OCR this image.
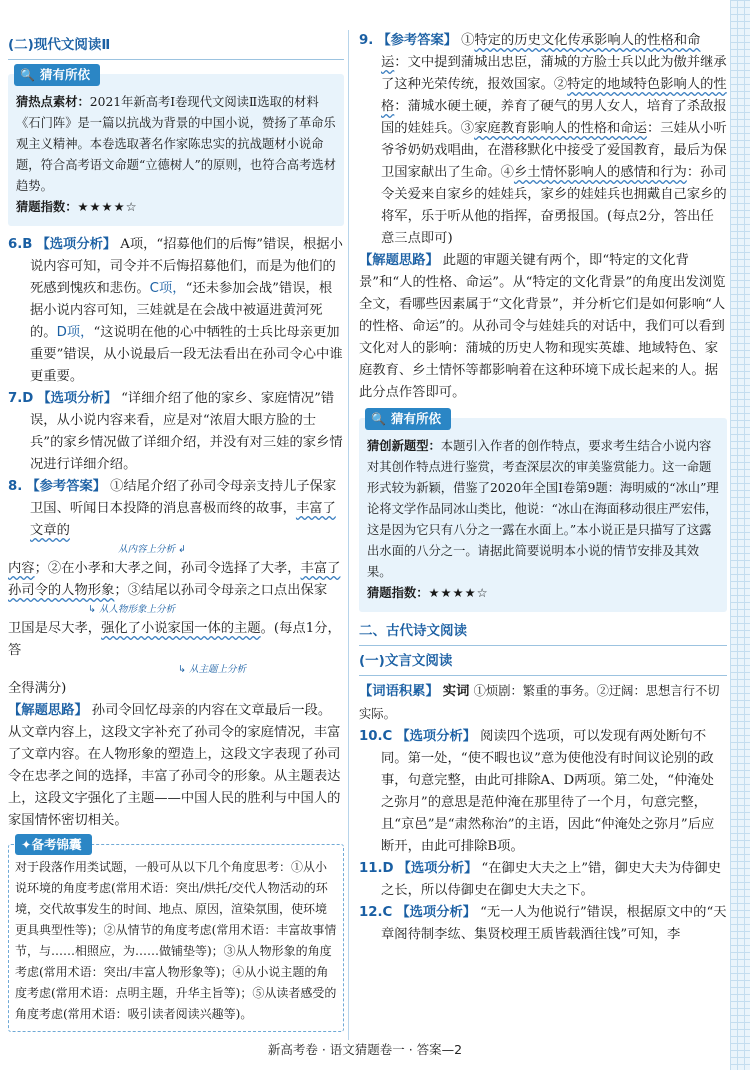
(二)现代文阅读Ⅱ
🔍 猜有所依
猜热点素材：2021年新高考Ⅰ卷现代文阅读Ⅱ选取的材料《石门阵》是一篇以抗战为背景的中国小说，赞扬了革命乐观主义精神。本卷选取著名作家陈忠实的抗战题材小说命题，符合高考语文命题“立德树人”的原则，也符合高考选材趋势。
猜题指数：★★★★☆

6.B 【选项分析】 A项，“招募他们的后悔”错误，根据小说内容可知，司令并不后悔招募他们，而是为他们的死感到愧疚和悲伤。C项，“还未参加会战”错误，根据小说内容可知，三娃就是在会战中被逼进黄河死的。D项，“这说明在他的心中牺牲的士兵比母亲更加重要”错误，从小说最后一段无法看出在孙司令心中谁更重要。

7.D 【选项分析】 “详细介绍了他的家乡、家庭情况”错误，从小说内容来看，应是对“浓眉大眼方脸的士兵”的家乡情况做了详细介绍，并没有对三娃的家乡情况进行详细介绍。

8. 【参考答案】 ①结尾介绍了孙司令母亲支持儿子保家卫国、听闻日本投降的消息喜极而终的故事，丰富了文章的

从内容上分析 ↲

内容；②在小孝和大孝之间，孙司令选择了大孝，丰富了
孙司令的人物形象；③结尾以孙司令母亲之口点出保家

↳ 从人物形象上分析

卫国是尽大孝，强化了小说家国一体的主题。(每点1分，答

↳ 从主题上分析

全得满分)

【解题思路】 孙司令回忆母亲的内容在文章最后一段。从文章内容上，这段文字补充了孙司令的家庭情况，丰富了文章内容。在人物形象的塑造上，这段文字表现了孙司令在忠孝之间的选择，丰富了孙司令的形象。从主题表达上，这段文字强化了主题——中国人民的胜利与中国人的家国情怀密切相关。

✦备考锦囊
对于段落作用类试题，一般可从以下几个角度思考：①从小说环境的角度考虑(常用术语：突出/烘托/交代人物活动的环境，交代故事发生的时间、地点、原因，渲染氛围，使环境更具典型性等)；②从情节的角度考虑(常用术语：丰富故事情节，与……相照应，为……做铺垫等)；③从人物形象的角度考虑(常用术语：突出/丰富人物形象等)；④从小说主题的角度考虑(常用术语：点明主题，升华主旨等)；⑤从读者感受的角度考虑(常用术语：吸引读者阅读兴趣等)。

9. 【参考答案】 ①特定的历史文化传承影响人的性格和命运：文中提到蒲城出忠臣，蒲城的方脸士兵以此为傲并继承了这种光荣传统，报效国家。②特定的地域特色影响人的性格：蒲城水硬土硬，养育了硬气的男人女人，培育了杀敌报国的娃娃兵。③家庭教育影响人的性格和命运：三娃从小听爷爷奶奶戏唱曲，在潜移默化中接受了爱国教育，最后为保卫国家献出了生命。④乡土情怀影响人的感情和行为：孙司令关爱来自家乡的娃娃兵，家乡的娃娃兵也拥戴自己家乡的将军，乐于听从他的指挥，奋勇报国。(每点2分，答出任意三点即可)

【解题思路】 此题的审题关键有两个，即“特定的文化背景”和“人的性格、命运”。从“特定的文化背景”的角度出发浏览全文，看哪些因素属于“文化背景”，并分析它们是如何影响“人的性格、命运”的。从孙司令与娃娃兵的对话中，我们可以看到文化对人的影响：蒲城的历史人物和现实英雄、地域特色、家庭教育、乡土情怀等都影响着在这种环境下成长起来的人。据此分点作答即可。

🔍 猜有所依
猜创新题型：本题引入作者的创作特点，要求考生结合小说内容对其创作特点进行鉴赏，考查深层次的审美鉴赏能力。这一命题形式较为新颖，借鉴了2020年全国Ⅰ卷第9题：海明威的“冰山”理论将文学作品同冰山类比，他说：“冰山在海面移动很庄严宏伟，这是因为它只有八分之一露在水面上。”本小说正是只描写了这露出水面的八分之一。请据此简要说明本小说的情节安排及其效果。
猜题指数：★★★★☆
二、古代诗文阅读
(一)文言文阅读

【词语积累】 实词 ①烦剧：繁重的事务。②迂阔：思想言行不切实际。

10.C 【选项分析】 阅读四个选项，可以发现有两处断句不同。第一处，“使不暇也议”意为使他没有时间议论别的政事，句意完整，由此可排除A、D两项。第二处，“仲淹处之弥月”的意思是范仲淹在那里待了一个月，句意完整，且“京邑”是“肃然称治”的主语，因此“仲淹处之弥月”后应断开，由此可排除B项。

11.D 【选项分析】 “在御史大夫之上”错，御史大夫为侍御史之长，所以侍御史在御史大夫之下。

12.C 【选项分析】 “无一人为他说行”错误，根据原文中的“天章阁待制李纮、集贤校理王质皆载酒往饯”可知，李

新高考卷 · 语文猜题卷一 · 答案—2
